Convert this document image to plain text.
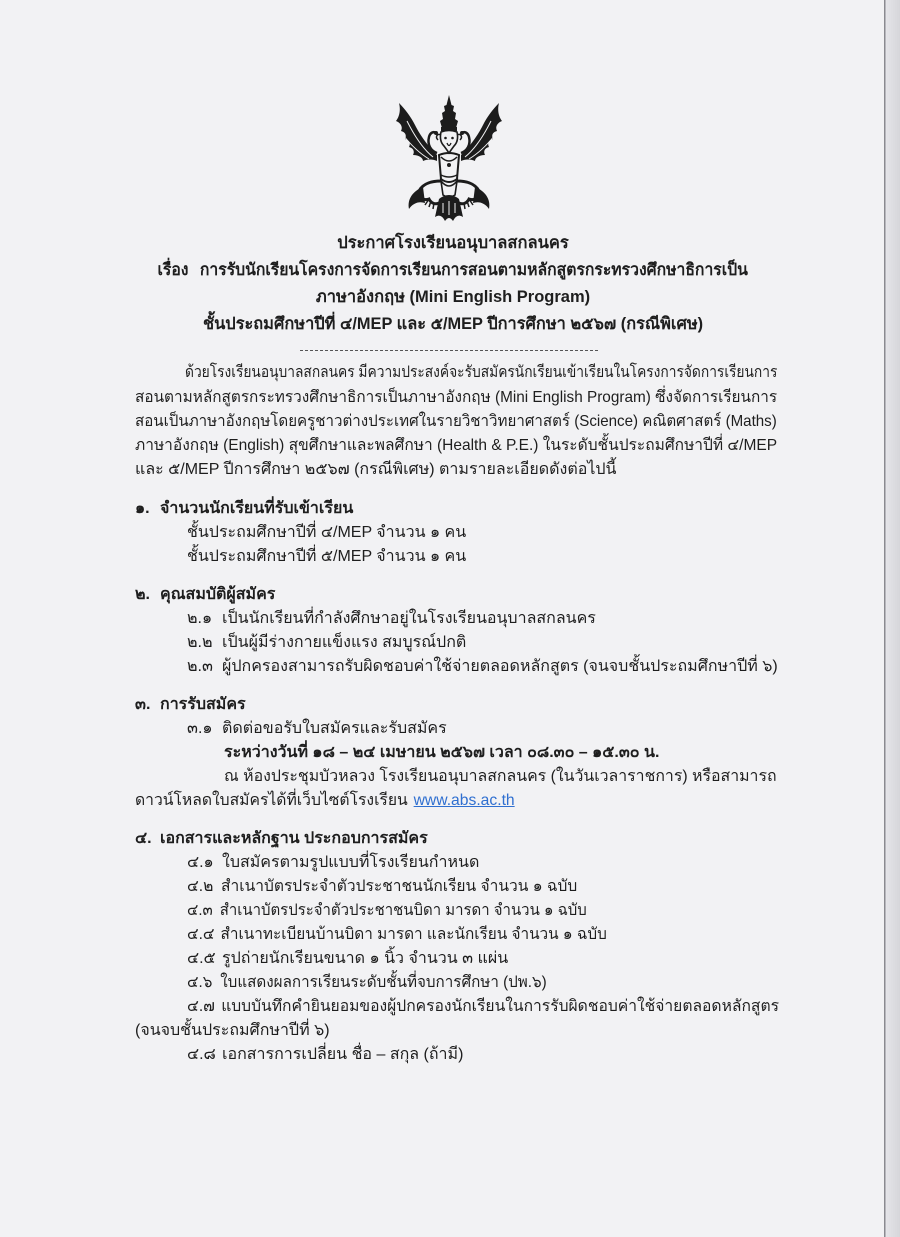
ประกาศโรงเรียนอนุบาลสกลนคร
เรื่อง การรับนักเรียนโครงการจัดการเรียนการสอนตามหลักสูตรกระทรวงศึกษาธิการเป็น
ภาษาอังกฤษ (Mini English Program)
ชั้นประถมศึกษาปีที่ ๔/MEP และ ๕/MEP ปีการศึกษา ๒๕๖๗ (กรณีพิเศษ)
ด้วยโรงเรียนอนุบาลสกลนคร มีความประสงค์จะรับสมัครนักเรียนเข้าเรียนในโครงการจัดการเรียนการ
สอนตามหลักสูตรกระทรวงศึกษาธิการเป็นภาษาอังกฤษ (Mini English Program) ซึ่งจัดการเรียนการ
สอนเป็นภาษาอังกฤษโดยครูชาวต่างประเทศในรายวิชาวิทยาศาสตร์ (Science) คณิตศาสตร์ (Maths)
ภาษาอังกฤษ (English) สุขศึกษาและพลศึกษา (Health & P.E.) ในระดับชั้นประถมศึกษาปีที่ ๔/MEP
และ ๕/MEP ปีการศึกษา ๒๕๖๗ (กรณีพิเศษ) ตามรายละเอียดดังต่อไปนี้
๑. จำนวนนักเรียนที่รับเข้าเรียน
ชั้นประถมศึกษาปีที่ ๔/MEP จำนวน ๑ คน
ชั้นประถมศึกษาปีที่ ๕/MEP จำนวน ๑ คน
๒. คุณสมบัติผู้สมัคร
๒.๑ เป็นนักเรียนที่กำลังศึกษาอยู่ในโรงเรียนอนุบาลสกลนคร
๒.๒ เป็นผู้มีร่างกายแข็งแรง สมบูรณ์ปกติ
๒.๓ ผู้ปกครองสามารถรับผิดชอบค่าใช้จ่ายตลอดหลักสูตร (จนจบชั้นประถมศึกษาปีที่ ๖)
๓. การรับสมัคร
๓.๑ ติดต่อขอรับใบสมัครและรับสมัคร
ระหว่างวันที่ ๑๘ – ๒๔ เมษายน ๒๕๖๗ เวลา ๐๘.๓๐ – ๑๕.๓๐ น.
ณ ห้องประชุมบัวหลวง โรงเรียนอนุบาลสกลนคร (ในวันเวลาราชการ) หรือสามารถ
ดาวน์โหลดใบสมัครได้ที่เว็บไซต์โรงเรียน www.abs.ac.th
๔. เอกสารและหลักฐาน ประกอบการสมัคร
๔.๑ ใบสมัครตามรูปแบบที่โรงเรียนกำหนด
๔.๒ สำเนาบัตรประจำตัวประชาชนนักเรียน จำนวน ๑ ฉบับ
๔.๓ สำเนาบัตรประจำตัวประชาชนบิดา มารดา จำนวน ๑ ฉบับ
๔.๔ สำเนาทะเบียนบ้านบิดา มารดา และนักเรียน จำนวน ๑ ฉบับ
๔.๕ รูปถ่ายนักเรียนขนาด ๑ นิ้ว จำนวน ๓ แผ่น
๔.๖ ใบแสดงผลการเรียนระดับชั้นที่จบการศึกษา (ปพ.๖)
๔.๗ แบบบันทึกคำยินยอมของผู้ปกครองนักเรียนในการรับผิดชอบค่าใช้จ่ายตลอดหลักสูตร
(จนจบชั้นประถมศึกษาปีที่ ๖)
๔.๘ เอกสารการเปลี่ยน ชื่อ – สกุล (ถ้ามี)
